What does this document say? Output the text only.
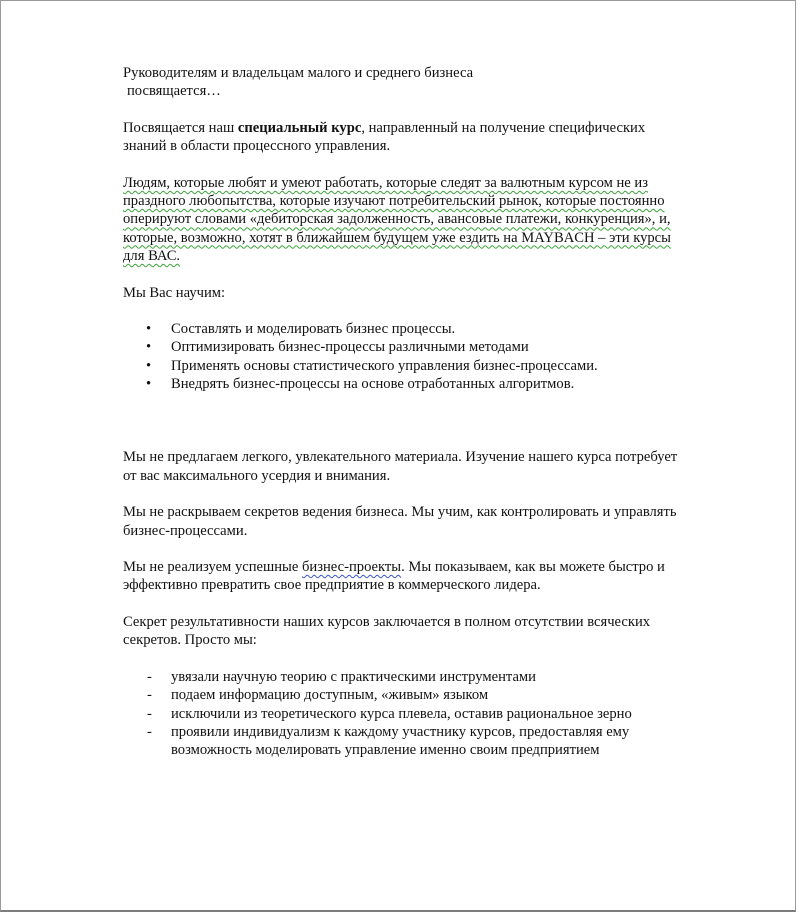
Руководителям и владельцам малого и среднего бизнеса

посвящается…

Посвящается наш специальный курс, направленный на получение специфических знаний в области процессного управления.

Людям, которые любят и умеют работать, которые следят за валютным курсом не из праздного любопытства, которые изучают потребительский рынок, которые постоянно оперируют словами «дебиторская задолженность, авансовые платежи, конкуренция», и, которые, возможно, хотят в ближайшем будущем уже ездить на MAYBACH – эти курсы для ВАС.

Мы Вас научим:

•	Составлять и моделировать бизнес процессы.
•	Оптимизировать бизнес-процессы различными методами
•	Применять основы статистического управления бизнес-процессами.
•	Внедрять бизнес-процессы на основе отработанных алгоритмов.

Мы не предлагаем легкого, увлекательного материала. Изучение нашего курса потребует от вас максимального усердия и внимания.

Мы не раскрываем секретов ведения бизнеса. Мы учим, как контролировать и управлять бизнес-процессами.

Мы не реализуем успешные бизнес-проекты. Мы показываем, как вы можете быстро и эффективно превратить свое предприятие в коммерческого лидера.

Секрет результативности наших курсов заключается в полном отсутствии всяческих секретов. Просто мы:

- увязали научную теорию с практическими инструментами
- подаем информацию доступным, «живым» языком
- исключили из теоретического курса плевела, оставив рациональное зерно
- проявили индивидуализм к каждому участнику курсов, предоставляя ему возможность моделировать управление именно своим предприятием
